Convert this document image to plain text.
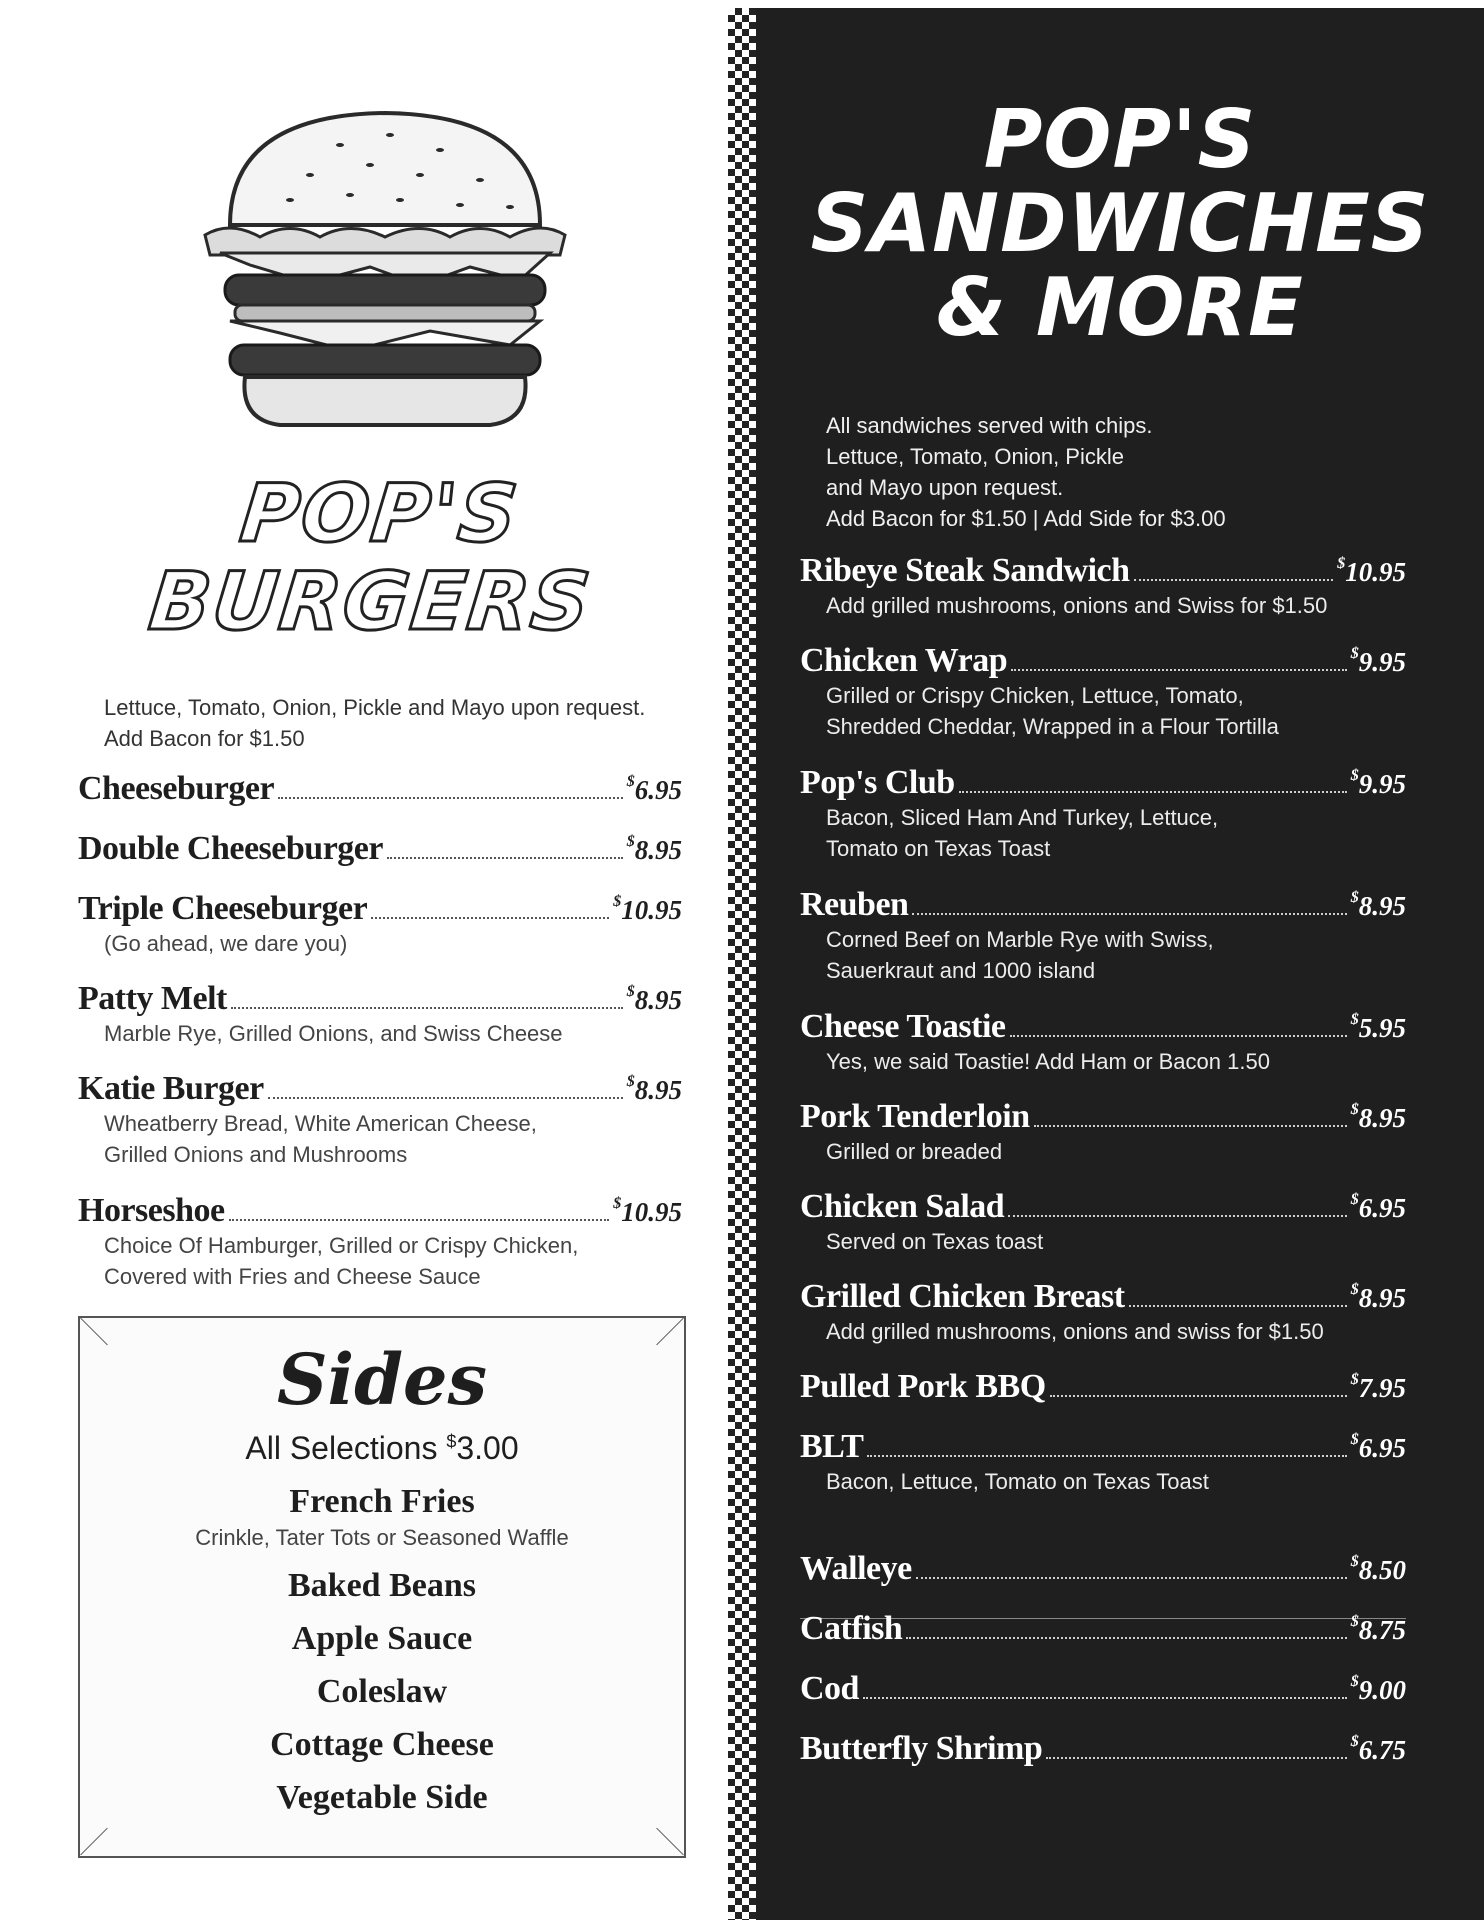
POP'S
BURGERS
Lettuce, Tomato, Onion, Pickle and Mayo upon request.
Add Bacon for $1.50
Cheeseburger	$6.95
Double Cheeseburger	$8.95
Triple Cheeseburger	$10.95
(Go ahead, we dare you)
Patty Melt	$8.95
Marble Rye, Grilled Onions, and Swiss Cheese
Katie Burger	$8.95
Wheatberry Bread, White American Cheese,
Grilled Onions and Mushrooms
Horseshoe	$10.95
Choice Of Hamburger, Grilled or Crispy Chicken,
Covered with Fries and Cheese Sauce
Sides
All Selections $3.00
French Fries
Crinkle, Tater Tots or Seasoned Waffle
Baked Beans
Apple Sauce
Coleslaw
Cottage Cheese
Vegetable Side
POP'S
SANDWICHES
& MORE
All sandwiches served with chips.
Lettuce, Tomato, Onion, Pickle
and Mayo upon request.
Add Bacon for $1.50 | Add Side for $3.00
Ribeye Steak Sandwich	$10.95
Add grilled mushrooms, onions and Swiss for $1.50
Chicken Wrap	$9.95
Grilled or Crispy Chicken, Lettuce, Tomato,
Shredded Cheddar, Wrapped in a Flour Tortilla
Pop's Club	$9.95
Bacon, Sliced Ham And Turkey, Lettuce,
Tomato on Texas Toast
Reuben	$8.95
Corned Beef on Marble Rye with Swiss,
Sauerkraut and 1000 island
Cheese Toastie	$5.95
Yes, we said Toastie! Add Ham or Bacon 1.50
Pork Tenderloin	$8.95
Grilled or breaded
Chicken Salad	$6.95
Served on Texas toast
Grilled Chicken Breast	$8.95
Add grilled mushrooms, onions and swiss for $1.50
Pulled Pork BBQ	$7.95
BLT	$6.95
Bacon, Lettuce, Tomato on Texas Toast
Walleye	$8.50
Catfish	$8.75
Cod	$9.00
Butterfly Shrimp	$6.75
